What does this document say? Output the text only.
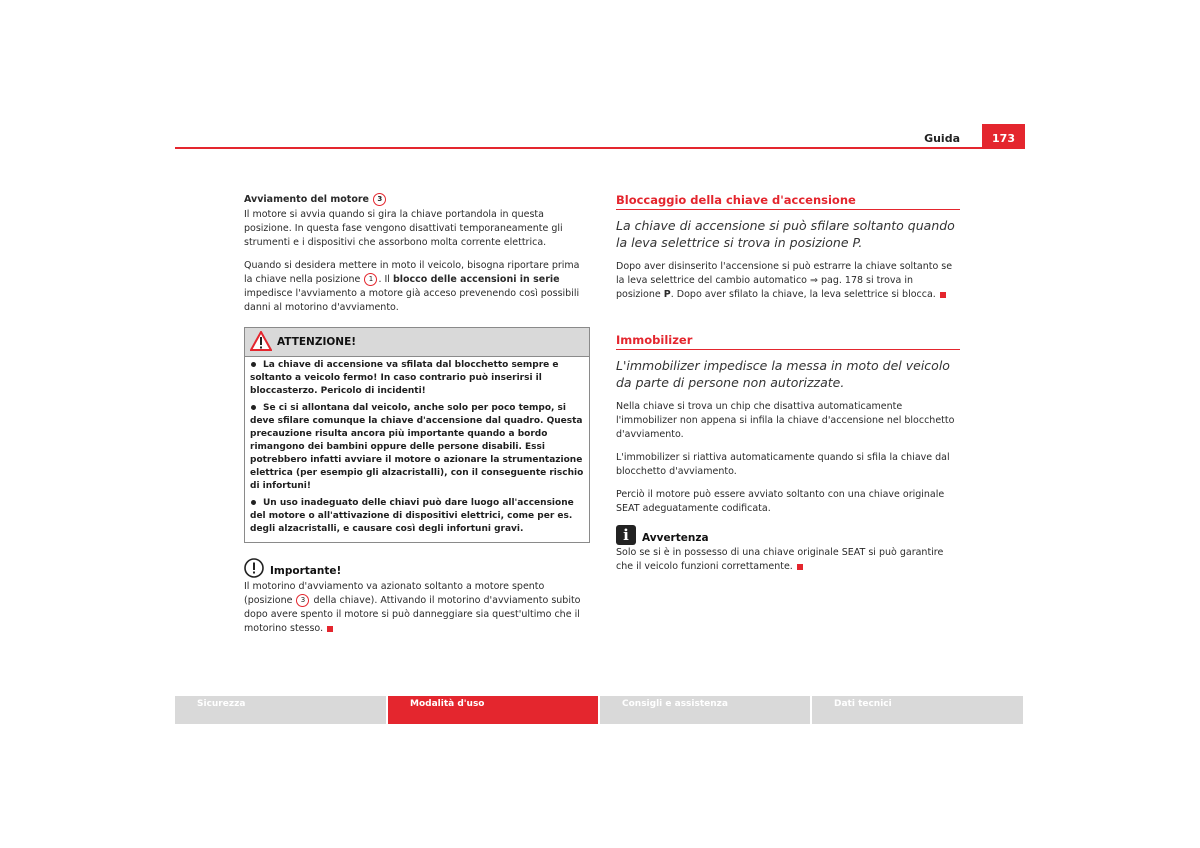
Guida	173
Avviamento del motore 3

Il motore si avvia quando si gira la chiave portandola in questa posizione. In questa fase vengono disattivati temporaneamente gli strumenti e i dispositivi che assorbono molta corrente elettrica.

Quando si desidera mettere in moto il veicolo, bisogna riportare prima la chiave nella posizione 1 . Il blocco delle accensioni in serie impedisce l'avviamento a motore già acceso prevenendo così possibili danni al motorino d'avviamento.

ATTENZIONE!
La chiave di accensione va sfilata dal blocchetto sempre e soltanto a veicolo fermo! In caso contrario può inserirsi il bloccasterzo. Pericolo di incidenti!
Se ci si allontana dal veicolo, anche solo per poco tempo, si deve sfilare comunque la chiave d'accensione dal quadro. Questa precauzione risulta ancora più importante quando a bordo rimangono dei bambini oppure delle persone disabili. Essi potrebbero infatti avviare il motore o azionare la strumentazione elettrica (per esempio gli alzacristalli), con il conseguente rischio di infortuni!
Un uso inadeguato delle chiavi può dare luogo all'accensione del motore o all'attivazione di dispositivi elettrici, come per es. degli alzacristalli, e causare così degli infortuni gravi.
Importante!

Il motorino d'avviamento va azionato soltanto a motore spento (posizione 3 della chiave). Attivando il motorino d'avviamento subito dopo avere spento il motore si può danneggiare sia quest'ultimo che il motorino stesso.

Bloccaggio della chiave d'accensione
La chiave di accensione si può sfilare soltanto quando la leva selettrice si trova in posizione P.

Dopo aver disinserito l'accensione si può estrarre la chiave soltanto se la leva selettrice del cambio automatico ⇒ pag. 178 si trova in posizione P. Dopo aver sfilato la chiave, la leva selettrice si blocca.

Immobilizer
L'immobilizer impedisce la messa in moto del veicolo da parte di persone non autorizzate.

Nella chiave si trova un chip che disattiva automaticamente l'immobilizer non appena si infila la chiave d'accensione nel blocchetto d'avviamento.

L'immobilizer si riattiva automaticamente quando si sfila la chiave dal blocchetto d'avviamento.

Perciò il motore può essere avviato soltanto con una chiave originale SEAT adeguatamente codificata.

i
Avvertenza

Solo se si è in possesso di una chiave originale SEAT si può garantire che il veicolo funzioni correttamente.

Sicurezza	Modalità d'uso	Consigli e assistenza	Dati tecnici
